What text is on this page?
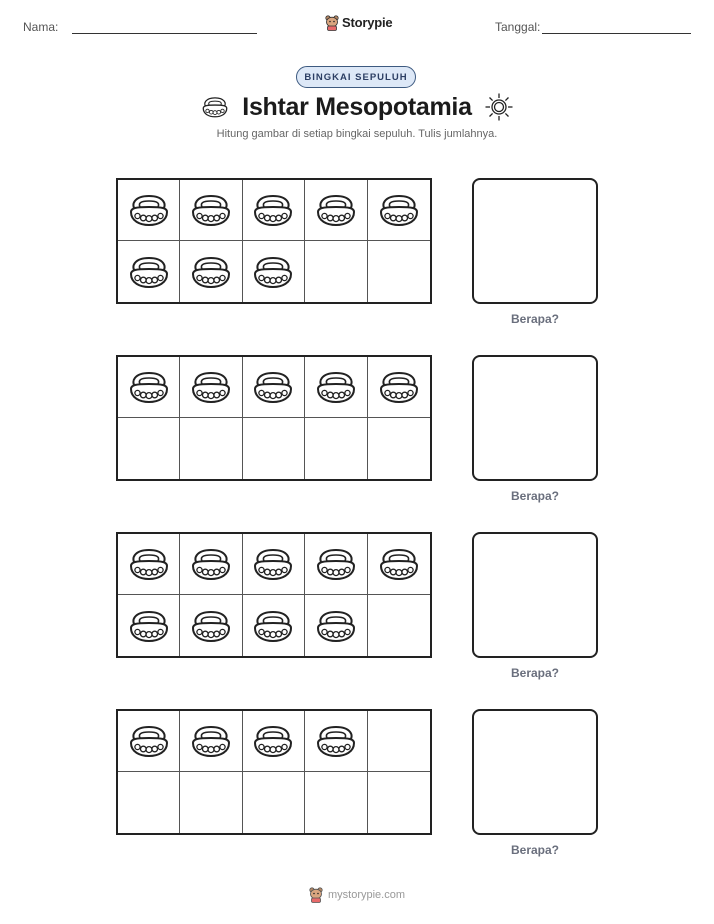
Nama:	Storypie	Tanggal:
BINGKAI SEPULUH
Ishtar Mesopotamia
Hitung gambar di setiap bingkai sepuluh. Tulis jumlahnya.
Berapa?
Berapa?
Berapa?
Berapa?
mystorypie.com
